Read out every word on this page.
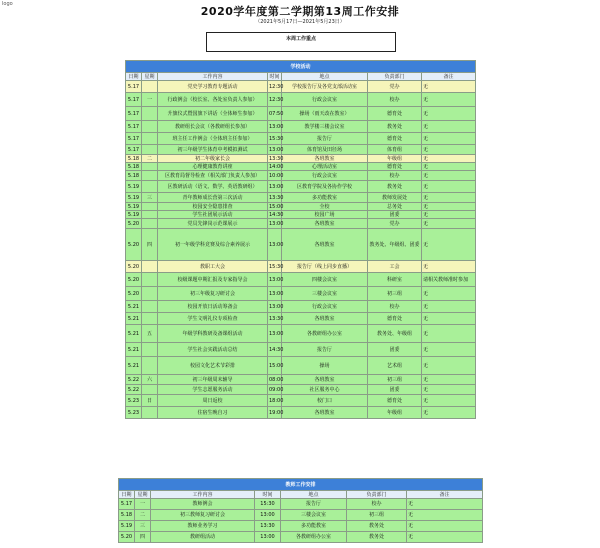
logo
2020学年度第二学期第13周工作安排
（2021年5月17日—2021年5月23日）
本周工作重点
学校活动						
日期	星期	工作内容	时间	地点	负责部门	备注
5.17		党史学习教育专题活动	12:30	学校报告厅及各党支部活动室	党办	无
5.17	一	行政例会（校长室、各处室负责人参加）	12:30	行政会议室	校办	无
5.17		升旗仪式暨国旗下讲话（全体师生参加）	07:50	操场（雨天改在教室）	德育处	无
5.17		教研组长会议（各教研组长参加）	13:00	教学楼三楼会议室	教务处	无
5.17		班主任工作例会（全体班主任参加）	15:30	报告厅	德育处	无
5.17		初三年级学生体育中考模拟测试	13:00	体育馆及田径场	体育组	无
5.18	二	初二年级家长会	13:30	各班教室	年级组	无
5.18		心理健康教育讲座	14:00	心理活动室	德育处	无
5.18		区教育局督导检查（相关部门负责人参加）	10:00	行政会议室	校办	无
5.19		区教研活动（语文、数学、英语教研组）	13:00	区教育学院及各协作学校	教务处	无
5.19	三	青年教师成长营第三次活动	13:30	多功能教室	教师发展处	无
5.19		校园安全隐患排查	15:00	全校	总务处	无
5.19		学生社团展示活动	14:30	校园广场	团委	无
5.20		党员先锋岗示范课展示	13:00	各班教室	党办	无
5.20	四	初一年级学科竞赛及综合素养展示	13:00	各班教室	教务处、年级组、团委	无
5.20		教职工大会	15:30	报告厅（线上同步直播）	工会	无
5.20		校级课题中期汇报及专家指导会	13:00	四楼会议室	科研室	请相关教师准时参加
5.20		初三年级复习研讨会	13:00	三楼会议室	初三组	无
5.21		校园开放日活动筹备会	13:00	行政会议室	校办	无
5.21		学生文明礼仪专项检查	13:30	各班教室	德育处	无
5.21	五	年级学科教研及备课组活动	13:00	各教研组办公室	教务处、年级组	无
5.21		学生社会实践活动总结	14:30	报告厅	团委	无
5.21		校园文化艺术节彩排	15:00	操场	艺术组	无
5.22	六	初三年级周末辅导	08:00	各班教室	初三组	无
5.22		学生志愿服务活动	09:00	社区服务中心	团委	无
5.23	日	周日返校	18:00	校门口	德育处	无
5.23		住宿生晚自习	19:00	各班教室	年级组	无
教师工作安排						
日期	星期	工作内容	时间	地点	负责部门	备注
5.17	一	教师例会	15:30	报告厅	校办	无
5.18	二	初三教师复习研讨会	13:00	三楼会议室	初三组	无
5.19	三	教师业务学习	13:30	多功能教室	教务处	无
5.20	四	教研组活动	13:00	各教研组办公室	教务处	无
